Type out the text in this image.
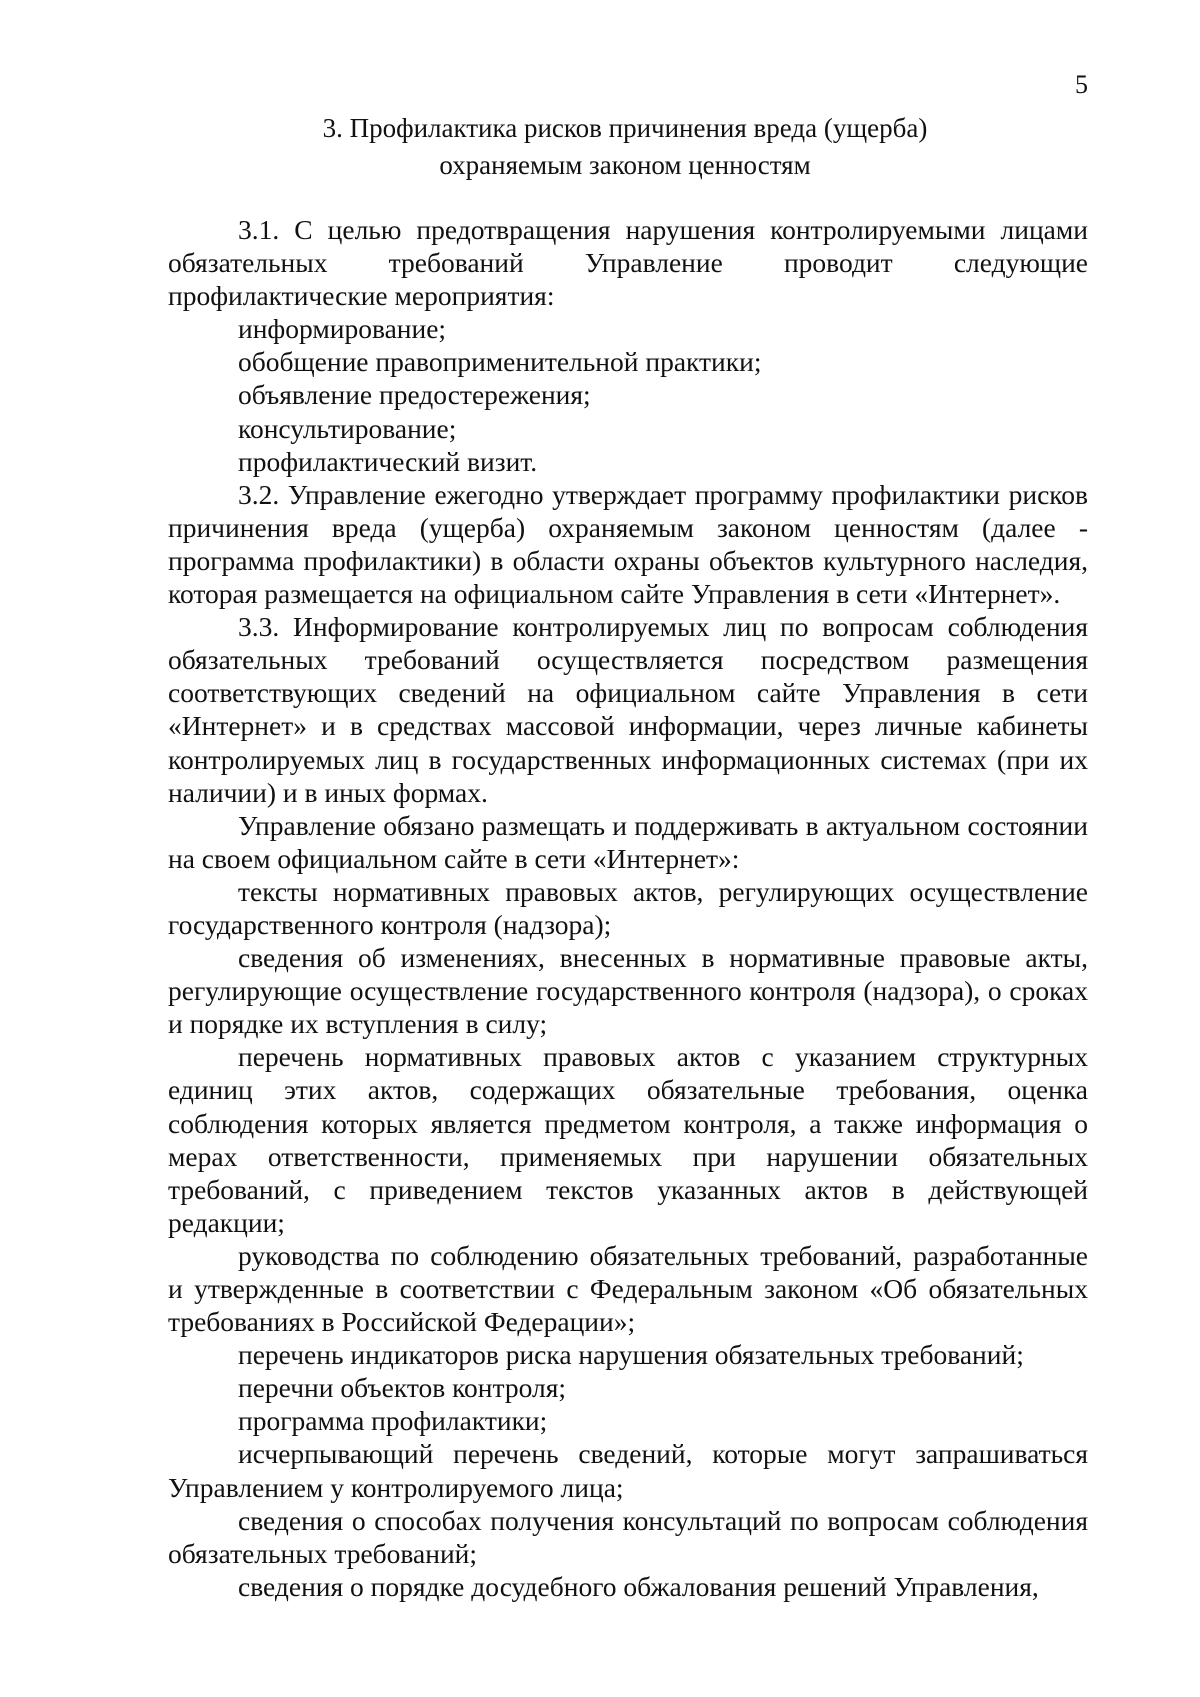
5
3. Профилактика рисков причинения вреда (ущерба)
охраняемым законом ценностям

3.1. С целью предотвращения нарушения контролируемыми лицами обязательных требований Управление проводит следующие профилактические мероприятия:

информирование;
обобщение правоприменительной практики;
объявление предостережения;
консультирование;
профилактический визит.

3.2. Управление ежегодно утверждает программу профилактики рисков причинения вреда (ущерба) охраняемым законом ценностям (далее - программа профилактики) в области охраны объектов культурного наследия, которая размещается на официальном сайте Управления в сети «Интернет».

3.3. Информирование контролируемых лиц по вопросам соблюдения обязательных требований осуществляется посредством размещения соответствующих сведений на официальном сайте Управления в сети «Интернет» и в средствах массовой информации, через личные кабинеты контролируемых лиц в государственных информационных системах (при их наличии) и в иных формах.

Управление обязано размещать и поддерживать в актуальном состоянии на своем официальном сайте в сети «Интернет»:

тексты нормативных правовых актов, регулирующих осуществление государственного контроля (надзора);

сведения об изменениях, внесенных в нормативные правовые акты, регулирующие осуществление государственного контроля (надзора), о сроках и порядке их вступления в силу;

перечень нормативных правовых актов с указанием структурных единиц этих актов, содержащих обязательные требования, оценка соблюдения которых является предметом контроля, а также информация о мерах ответственности, применяемых при нарушении обязательных требований, с приведением текстов указанных актов в действующей редакции;

руководства по соблюдению обязательных требований, разработанные и утвержденные в соответствии с Федеральным законом «Об обязательных требованиях в Российской Федерации»;

перечень индикаторов риска нарушения обязательных требований;

перечни объектов контроля;

программа профилактики;

исчерпывающий перечень сведений, которые могут запрашиваться Управлением у контролируемого лица;

сведения о способах получения консультаций по вопросам соблюдения обязательных требований;

сведения о порядке досудебного обжалования решений Управления,
